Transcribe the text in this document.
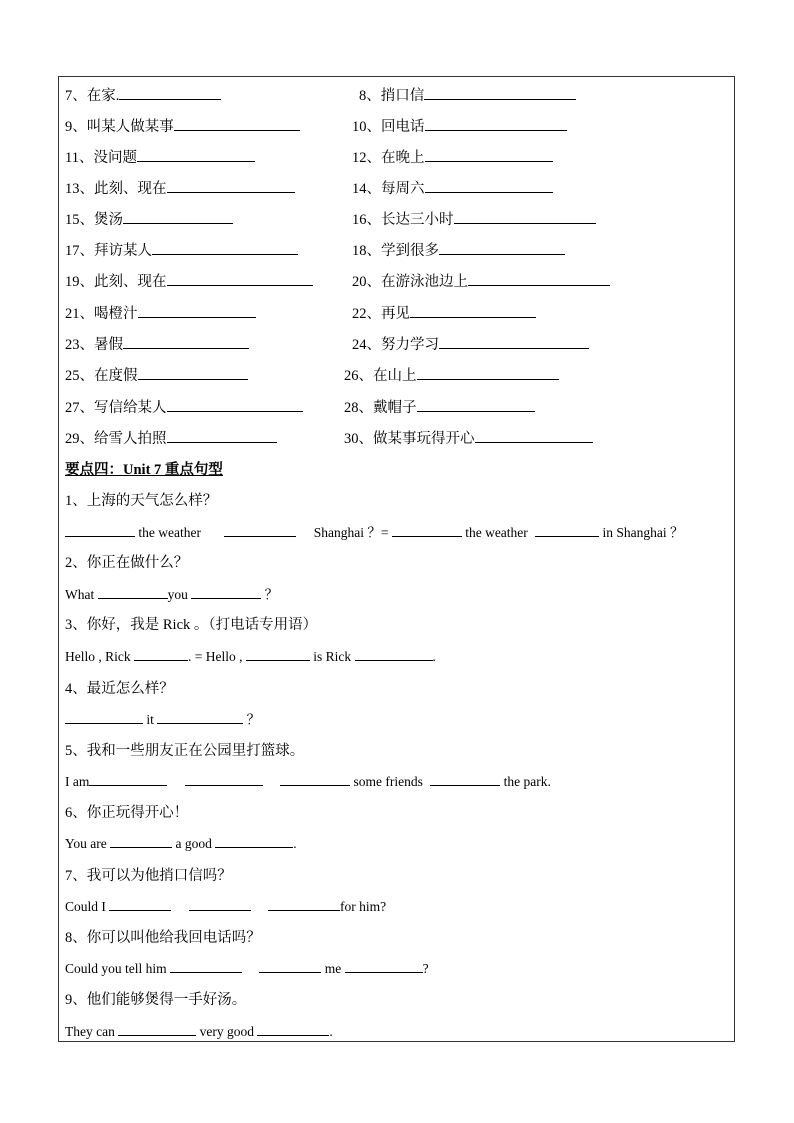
7、在家.	8、捎口信
9、叫某人做某事	10、回电话
11、没问题	12、在晚上
13、此刻、现在	14、每周六
15、煲汤	16、长达三小时
17、拜访某人	18、学到很多
19、此刻、现在	20、在游泳池边上
21、喝橙汁	22、再见
23、暑假	24、努力学习
25、在度假	26、在山上
27、写信给某人	28、戴帽子
29、给雪人拍照	30、做某事玩得开心
要点四：Unit 7 重点句型
1、上海的天气怎么样？
the weather	Shanghai ？=	the weather	in Shanghai ？
2、你正在做什么？
What	you	？
3、你好，我是 Rick 。（打电话专用语）
Hello , Rick	. = Hello ,	is Rick	.
4、最近怎么样？
it	？
5、我和一些朋友正在公园里打篮球。
I am	some friends	the park.
6、你正玩得开心！
You are	a good	.
7、我可以为他捎口信吗？
Could I	for him?
8、你可以叫他给我回电话吗？
Could you tell him	me	?
9、他们能够煲得一手好汤。
They can	very good	.
